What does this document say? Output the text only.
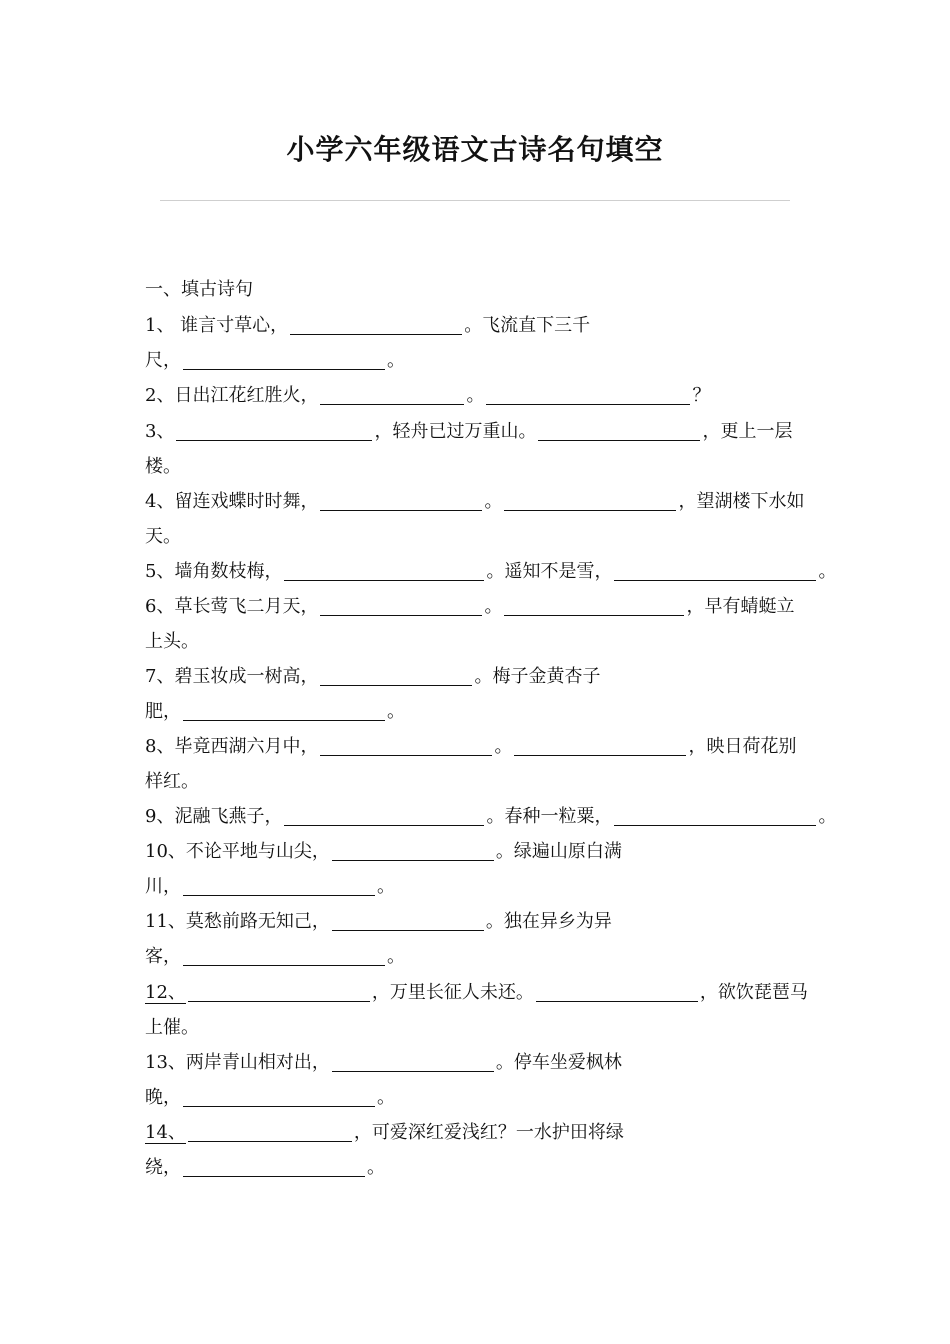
小学六年级语文古诗名句填空
一、填古诗句
1、 谁言寸草心，	。飞流直下三千
尺，	。
2、日出江花红胜火，	。	？
3、	，轻舟已过万重山。	，更上一层
楼。
4、留连戏蝶时时舞，	。	，望湖楼下水如
天。
5、墙角数枝梅，	。遥知不是雪，	。
6、草长莺飞二月天，	。	，早有蜻蜓立
上头。
7、碧玉妆成一树高，	。梅子金黄杏子
肥，	。
8、毕竟西湖六月中，	。	，映日荷花别
样红。
9、泥融飞燕子，	。春种一粒粟，	。
10、不论平地与山尖，	。绿遍山原白满
川，	。
11、莫愁前路无知己，	。独在异乡为异
客，	。
12、	，万里长征人未还。	，欲饮琵琶马
上催。
13、两岸青山相对出，	。停车坐爱枫林
晚，	。
14、	，可爱深红爱浅红？一水护田将绿
绕，	。
